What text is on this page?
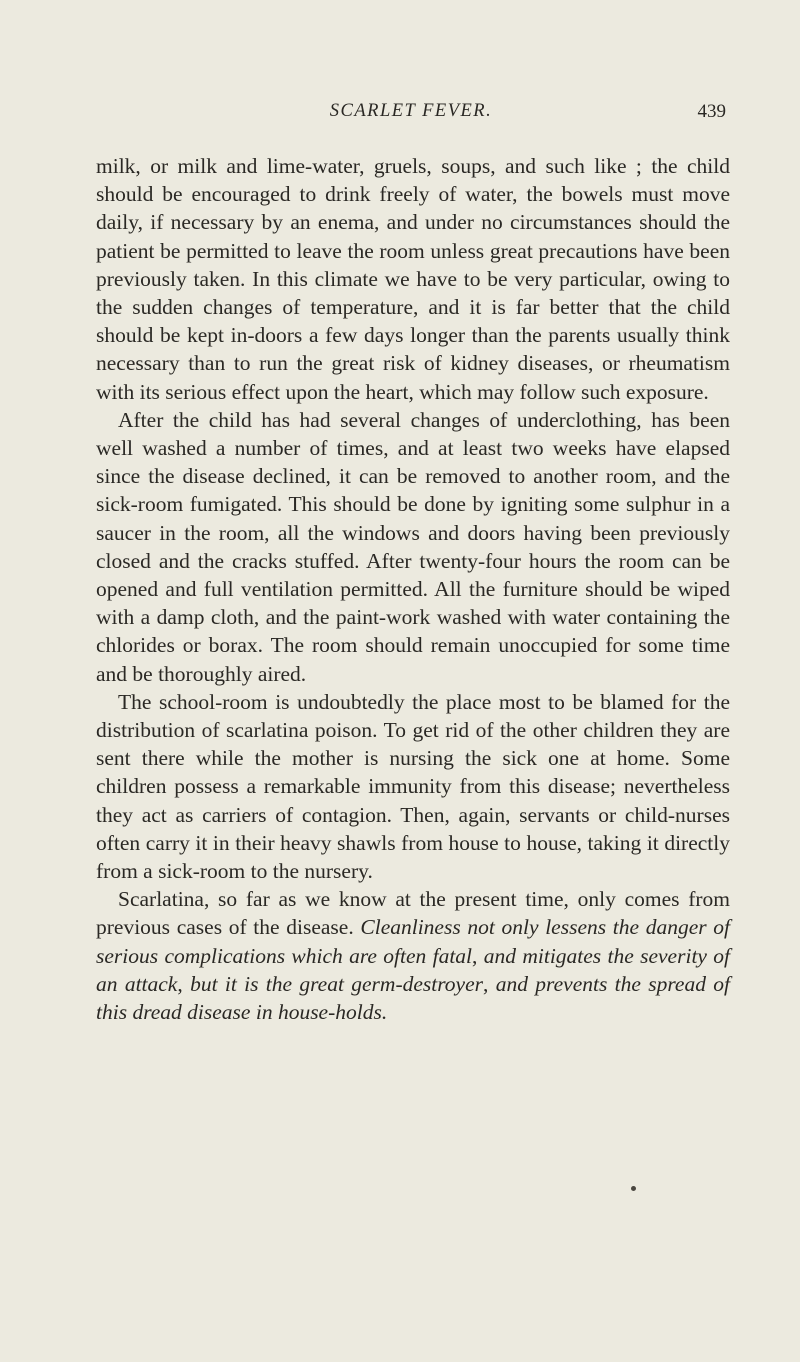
SCARLET FEVER.	439

milk, or milk and lime-water, gruels, soups, and such like ; the child should be encouraged to drink freely of water, the bowels must move daily, if necessary by an enema, and under no circumstances should the patient be permitted to leave the room unless great precautions have been previously taken. In this climate we have to be very particular, owing to the sudden changes of temperature, and it is far better that the child should be kept in-doors a few days longer than the parents usually think necessary than to run the great risk of kidney diseases, or rheumatism with its serious effect upon the heart, which may follow such exposure.

After the child has had several changes of underclothing, has been well washed a number of times, and at least two weeks have elapsed since the disease declined, it can be removed to another room, and the sick-room fumigated. This should be done by igniting some sulphur in a saucer in the room, all the windows and doors having been previously closed and the cracks stuffed. After twenty-four hours the room can be opened and full ventilation permitted. All the furniture should be wiped with a damp cloth, and the paint-work washed with water containing the chlorides or borax. The room should remain unoccupied for some time and be thoroughly aired.

The school-room is undoubtedly the place most to be blamed for the distribution of scarlatina poison. To get rid of the other children they are sent there while the mother is nursing the sick one at home. Some children possess a remarkable immunity from this disease; nevertheless they act as carriers of contagion. Then, again, servants or child-nurses often carry it in their heavy shawls from house to house, taking it directly from a sick-room to the nursery.

Scarlatina, so far as we know at the present time, only comes from previous cases of the disease. Cleanliness not only lessens the danger of serious complications which are often fatal, and mitigates the severity of an attack, but it is the great germ-destroyer, and prevents the spread of this dread disease in house-holds.
